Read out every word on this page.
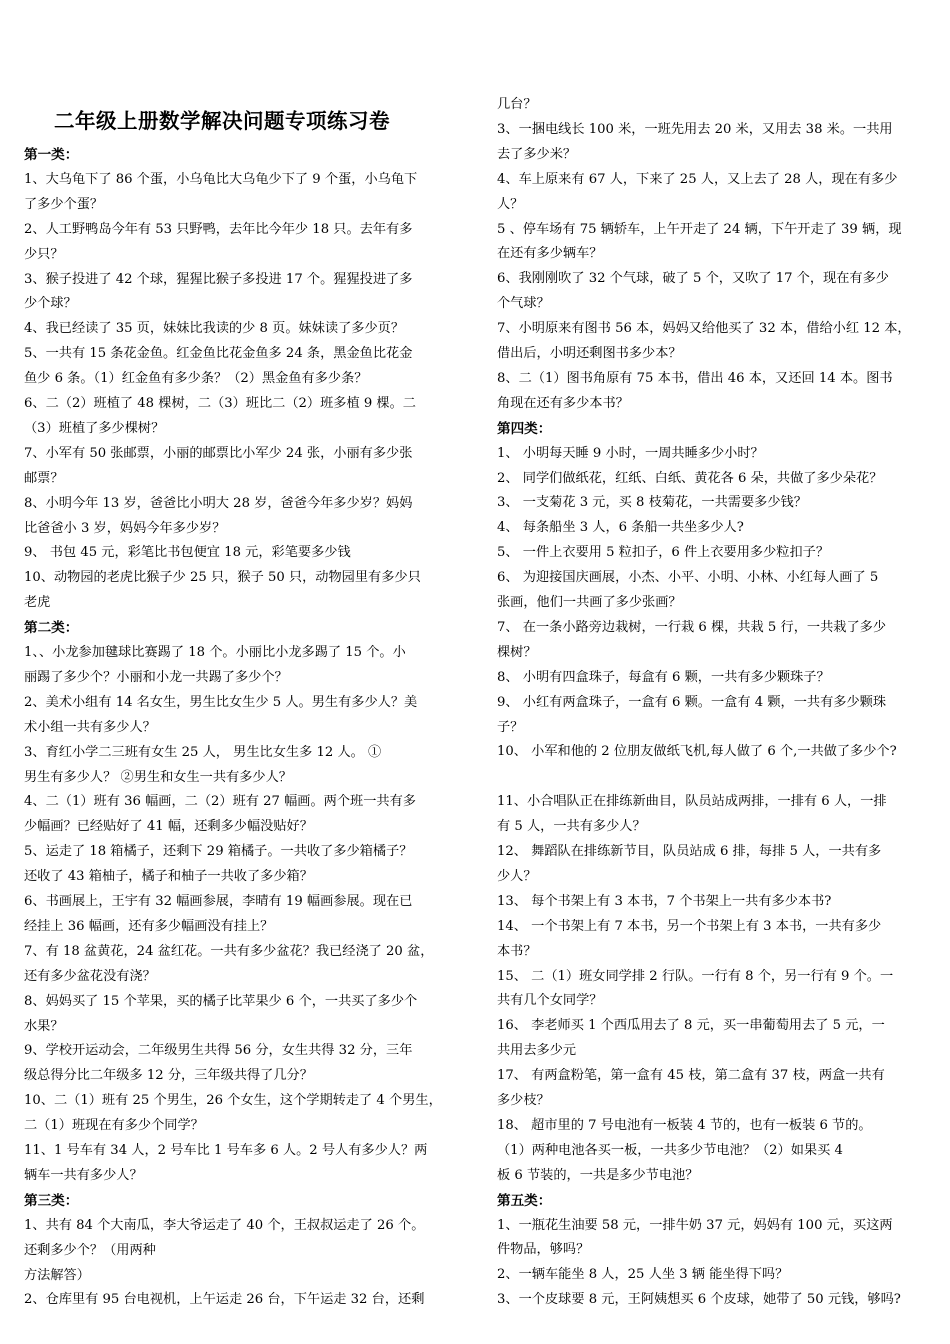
二年级上册数学解决问题专项练习卷
第一类：
1、大乌龟下了 86 个蛋，小乌龟比大乌龟少下了 9 个蛋，小乌龟下
了多少个蛋？
2、人工野鸭岛今年有 53 只野鸭，去年比今年少 18 只。去年有多
少只？
3、猴子投进了 42 个球，猩猩比猴子多投进 17 个。猩猩投进了多
少个球？
4、我已经读了 35 页，妹妹比我读的少 8 页。妹妹读了多少页？
5、一共有 15 条花金鱼。红金鱼比花金鱼多 24 条，黑金鱼比花金
鱼少 6 条。（1）红金鱼有多少条？（2）黑金鱼有多少条？
6、二（2）班植了 48 棵树，二（3）班比二（2）班多植 9 棵。二
（3）班植了多少棵树？
7、小军有 50 张邮票，小丽的邮票比小军少 24 张，小丽有多少张
邮票？
8、小明今年 13 岁，爸爸比小明大 28 岁，爸爸今年多少岁？妈妈
比爸爸小 3 岁，妈妈今年多少岁？
9、 书包 45 元，彩笔比书包便宜 18 元，彩笔要多少钱
10、动物园的老虎比猴子少 25 只，猴子 50 只，动物园里有多少只
老虎
第二类：
1、、小龙参加毽球比赛踢了 18 个。小丽比小龙多踢了 15 个。小
丽踢了多少个？小丽和小龙一共踢了多少个？
2、美术小组有 14 名女生，男生比女生少 5 人。男生有多少人？美
术小组一共有多少人？
3、育红小学二三班有女生 25 人， 男生比女生多 12 人。 ①
男生有多少人？ ②男生和女生一共有多少人？
4、二（1）班有 36 幅画，二（2）班有 27 幅画。两个班一共有多
少幅画？已经贴好了 41 幅，还剩多少幅没贴好？
5、运走了 18 箱橘子，还剩下 29 箱橘子。一共收了多少箱橘子？
还收了 43 箱柚子，橘子和柚子一共收了多少箱？
6、书画展上，王宇有 32 幅画参展，李晴有 19 幅画参展。现在已
经挂上 36 幅画，还有多少幅画没有挂上？
7、有 18 盆黄花，24 盆红花。一共有多少盆花？我已经浇了 20 盆，
还有多少盆花没有浇？
8、妈妈买了 15 个苹果，买的橘子比苹果少 6 个，一共买了多少个
水果？
9、学校开运动会，二年级男生共得 56 分，女生共得 32 分，三年
级总得分比二年级多 12 分，三年级共得了几分？
10、二（1）班有 25 个男生，26 个女生，这个学期转走了 4 个男生，
二（1）班现在有多少个同学？
11、1 号车有 34 人，2 号车比 1 号车多 6 人。2 号人有多少人？两
辆车一共有多少人？
第三类：
1、共有 84 个大南瓜，李大爷运走了 40 个，王叔叔运走了 26 个。
还剩多少个？（用两种
方法解答）
2、仓库里有 95 台电视机，上午运走 26 台，下午运走 32 台，还剩
几台？
3、一捆电线长 100 米，一班先用去 20 米，又用去 38 米。一共用
去了多少米？
4、车上原来有 67 人，下来了 25 人，又上去了 28 人，现在有多少
人？
5 、停车场有 75 辆轿车，上午开走了 24 辆，下午开走了 39 辆，现
在还有多少辆车？
6、我刚刚吹了 32 个气球，破了 5 个，又吹了 17 个，现在有多少
个气球？
7、小明原来有图书 56 本，妈妈又给他买了 32 本，借给小红 12 本，
借出后，小明还剩图书多少本？
8、二（1）图书角原有 75 本书，借出 46 本，又还回 14 本。图书
角现在还有多少本书？
第四类：
1、 小明每天睡 9 小时，一周共睡多少小时？
2、 同学们做纸花，红纸、白纸、黄花各 6 朵，共做了多少朵花？
3、 一支菊花 3 元，买 8 枝菊花，一共需要多少钱？
4、 每条船坐 3 人，6 条船一共坐多少人?
5、 一件上衣要用 5 粒扣子，6 件上衣要用多少粒扣子？
6、 为迎接国庆画展，小杰、小平、小明、小林、小红每人画了 5
张画，他们一共画了多少张画？
7、 在一条小路旁边栽树，一行栽 6 棵，共栽 5 行，一共栽了多少
棵树？
8、 小明有四盒珠子，每盒有 6 颗，一共有多少颗珠子？
9、 小红有两盒珠子，一盒有 6 颗。一盒有 4 颗，一共有多少颗珠
子？
10、 小军和他的 2 位朋友做纸飞机,每人做了 6 个,一共做了多少个?
11、小合唱队正在排练新曲目，队员站成两排，一排有 6 人，一排
有 5 人，一共有多少人？
12、 舞蹈队在排练新节目，队员站成 6 排，每排 5 人，一共有多
少人？
13、 每个书架上有 3 本书，7 个书架上一共有多少本书?
14、 一个书架上有 7 本书，另一个书架上有 3 本书，一共有多少
本书？
15、 二（1）班女同学排 2 行队。一行有 8 个，另一行有 9 个。一
共有几个女同学？
16、 李老师买 1 个西瓜用去了 8 元，买一串葡萄用去了 5 元，一
共用去多少元
17、 有两盒粉笔，第一盒有 45 枝，第二盒有 37 枝，两盒一共有
多少枝？
18、 超市里的 7 号电池有一板装 4 节的，也有一板装 6 节的。
（1）两种电池各买一板，一共多少节电池？（2）如果买 4
板 6 节装的，一共是多少节电池？
第五类：
1、一瓶花生油要 58 元，一排牛奶 37 元，妈妈有 100 元，买这两
件物品，够吗？
2、一辆车能坐 8 人，25 人坐 3 辆 能坐得下吗？
3、一个皮球要 8 元，王阿姨想买 6 个皮球，她带了 50 元钱，够吗?
